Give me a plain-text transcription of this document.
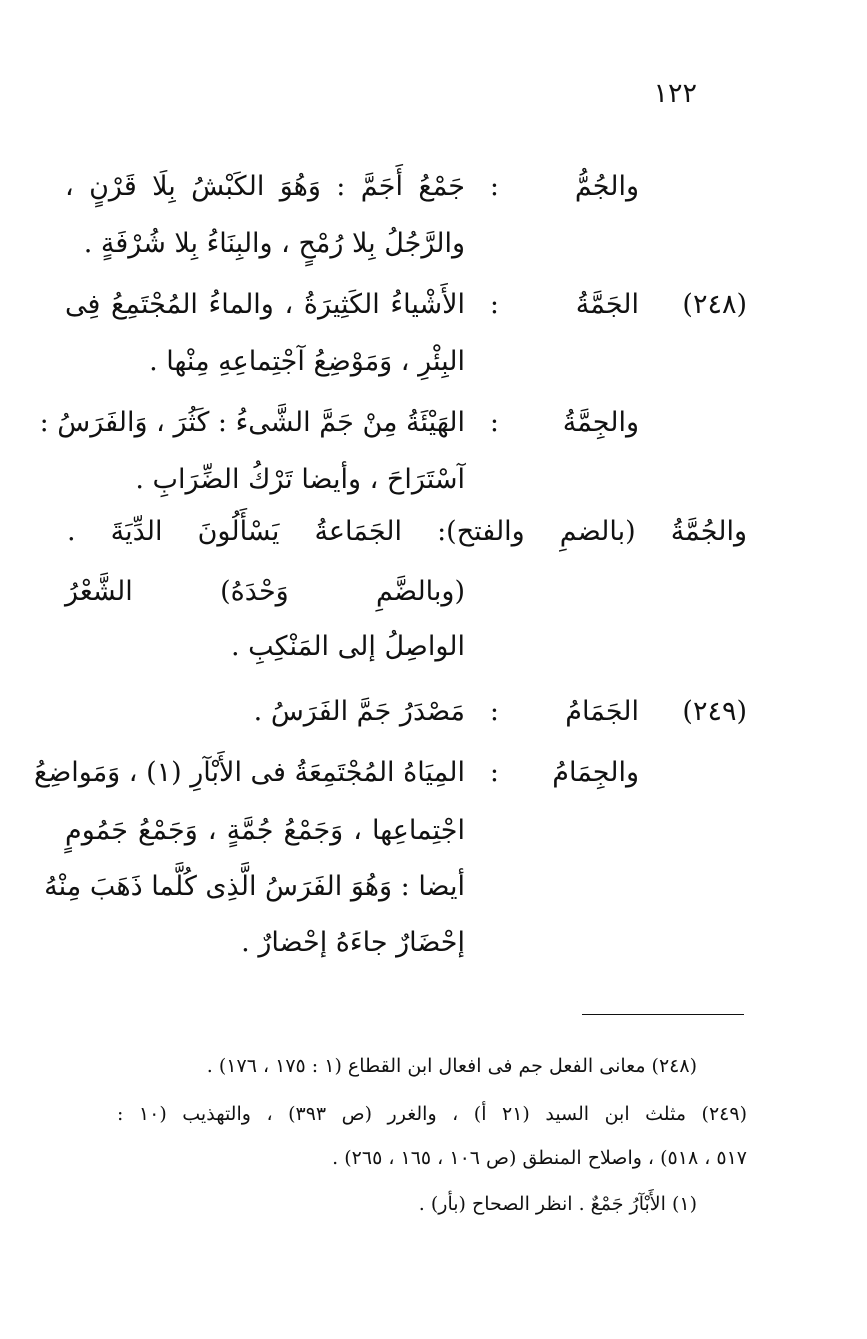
١٢٢
والجُمُّ
:
جَمْعُ أَجَمَّ : وَهُوَ الكَبْشُ بِلَا قَرْنٍ ،
والرَّجُلُ بِلا رُمْحٍ ، والبِنَاءُ بِلا شُرْفَةٍ .
(٢٤٨)
الجَمَّةُ
:
الأَشْياءُ الكَثِيرَةُ ، والماءُ المُجْتَمِعُ فِى
البِئْرِ ، وَمَوْضِعُ آجْتِماعِهِ مِنْها .
والجِمَّةُ
:
الهَيْئَةُ مِنْ جَمَّ الشَّىءُ : كَثُرَ ، وَالفَرَسُ :
آسْتَرَاحَ ، وأيضا تَرْكُ الضِّرَابِ .
والجُمَّةُ (بالضمِ والفتح): الجَمَاعةُ يَسْأَلُونَ الدِّيَةَ .
(وبالضَّمِ وَحْدَهُ) الشَّعْرُ
الواصِلُ إلى المَنْكِبِ .
(٢٤٩)
الجَمَامُ
:
مَصْدَرُ جَمَّ الفَرَسُ .
والجِمَامُ
:
المِيَاهُ المُجْتَمِعَةُ فى الأَبْآرِ (١) ، وَمَواضِعُ
اجْتِماعِها ، وَجَمْعُ جُمَّةٍ ، وَجَمْعُ جَمُومٍ
أيضا : وَهُوَ الفَرَسُ الَّذِى كُلَّما ذَهَبَ مِنْهُ
إحْضَارٌ جاءَهُ إحْضارٌ .
(٢٤٨) معانى الفعل جم فى افعال ابن القطاع (١ : ١٧٥ ، ١٧٦) .
(٢٤٩) مثلث ابن السيد (٢١ أ) ، والغرر (ص ٣٩٣) ، والتهذيب (١٠ :
٥١٧ ، ٥١٨) ، واصلاح المنطق (ص ١٠٦ ، ١٦٥ ، ٢٦٥) .
(١) الأَبْآرُ جَمْعٌ . انظر الصحاح (بأر) .
